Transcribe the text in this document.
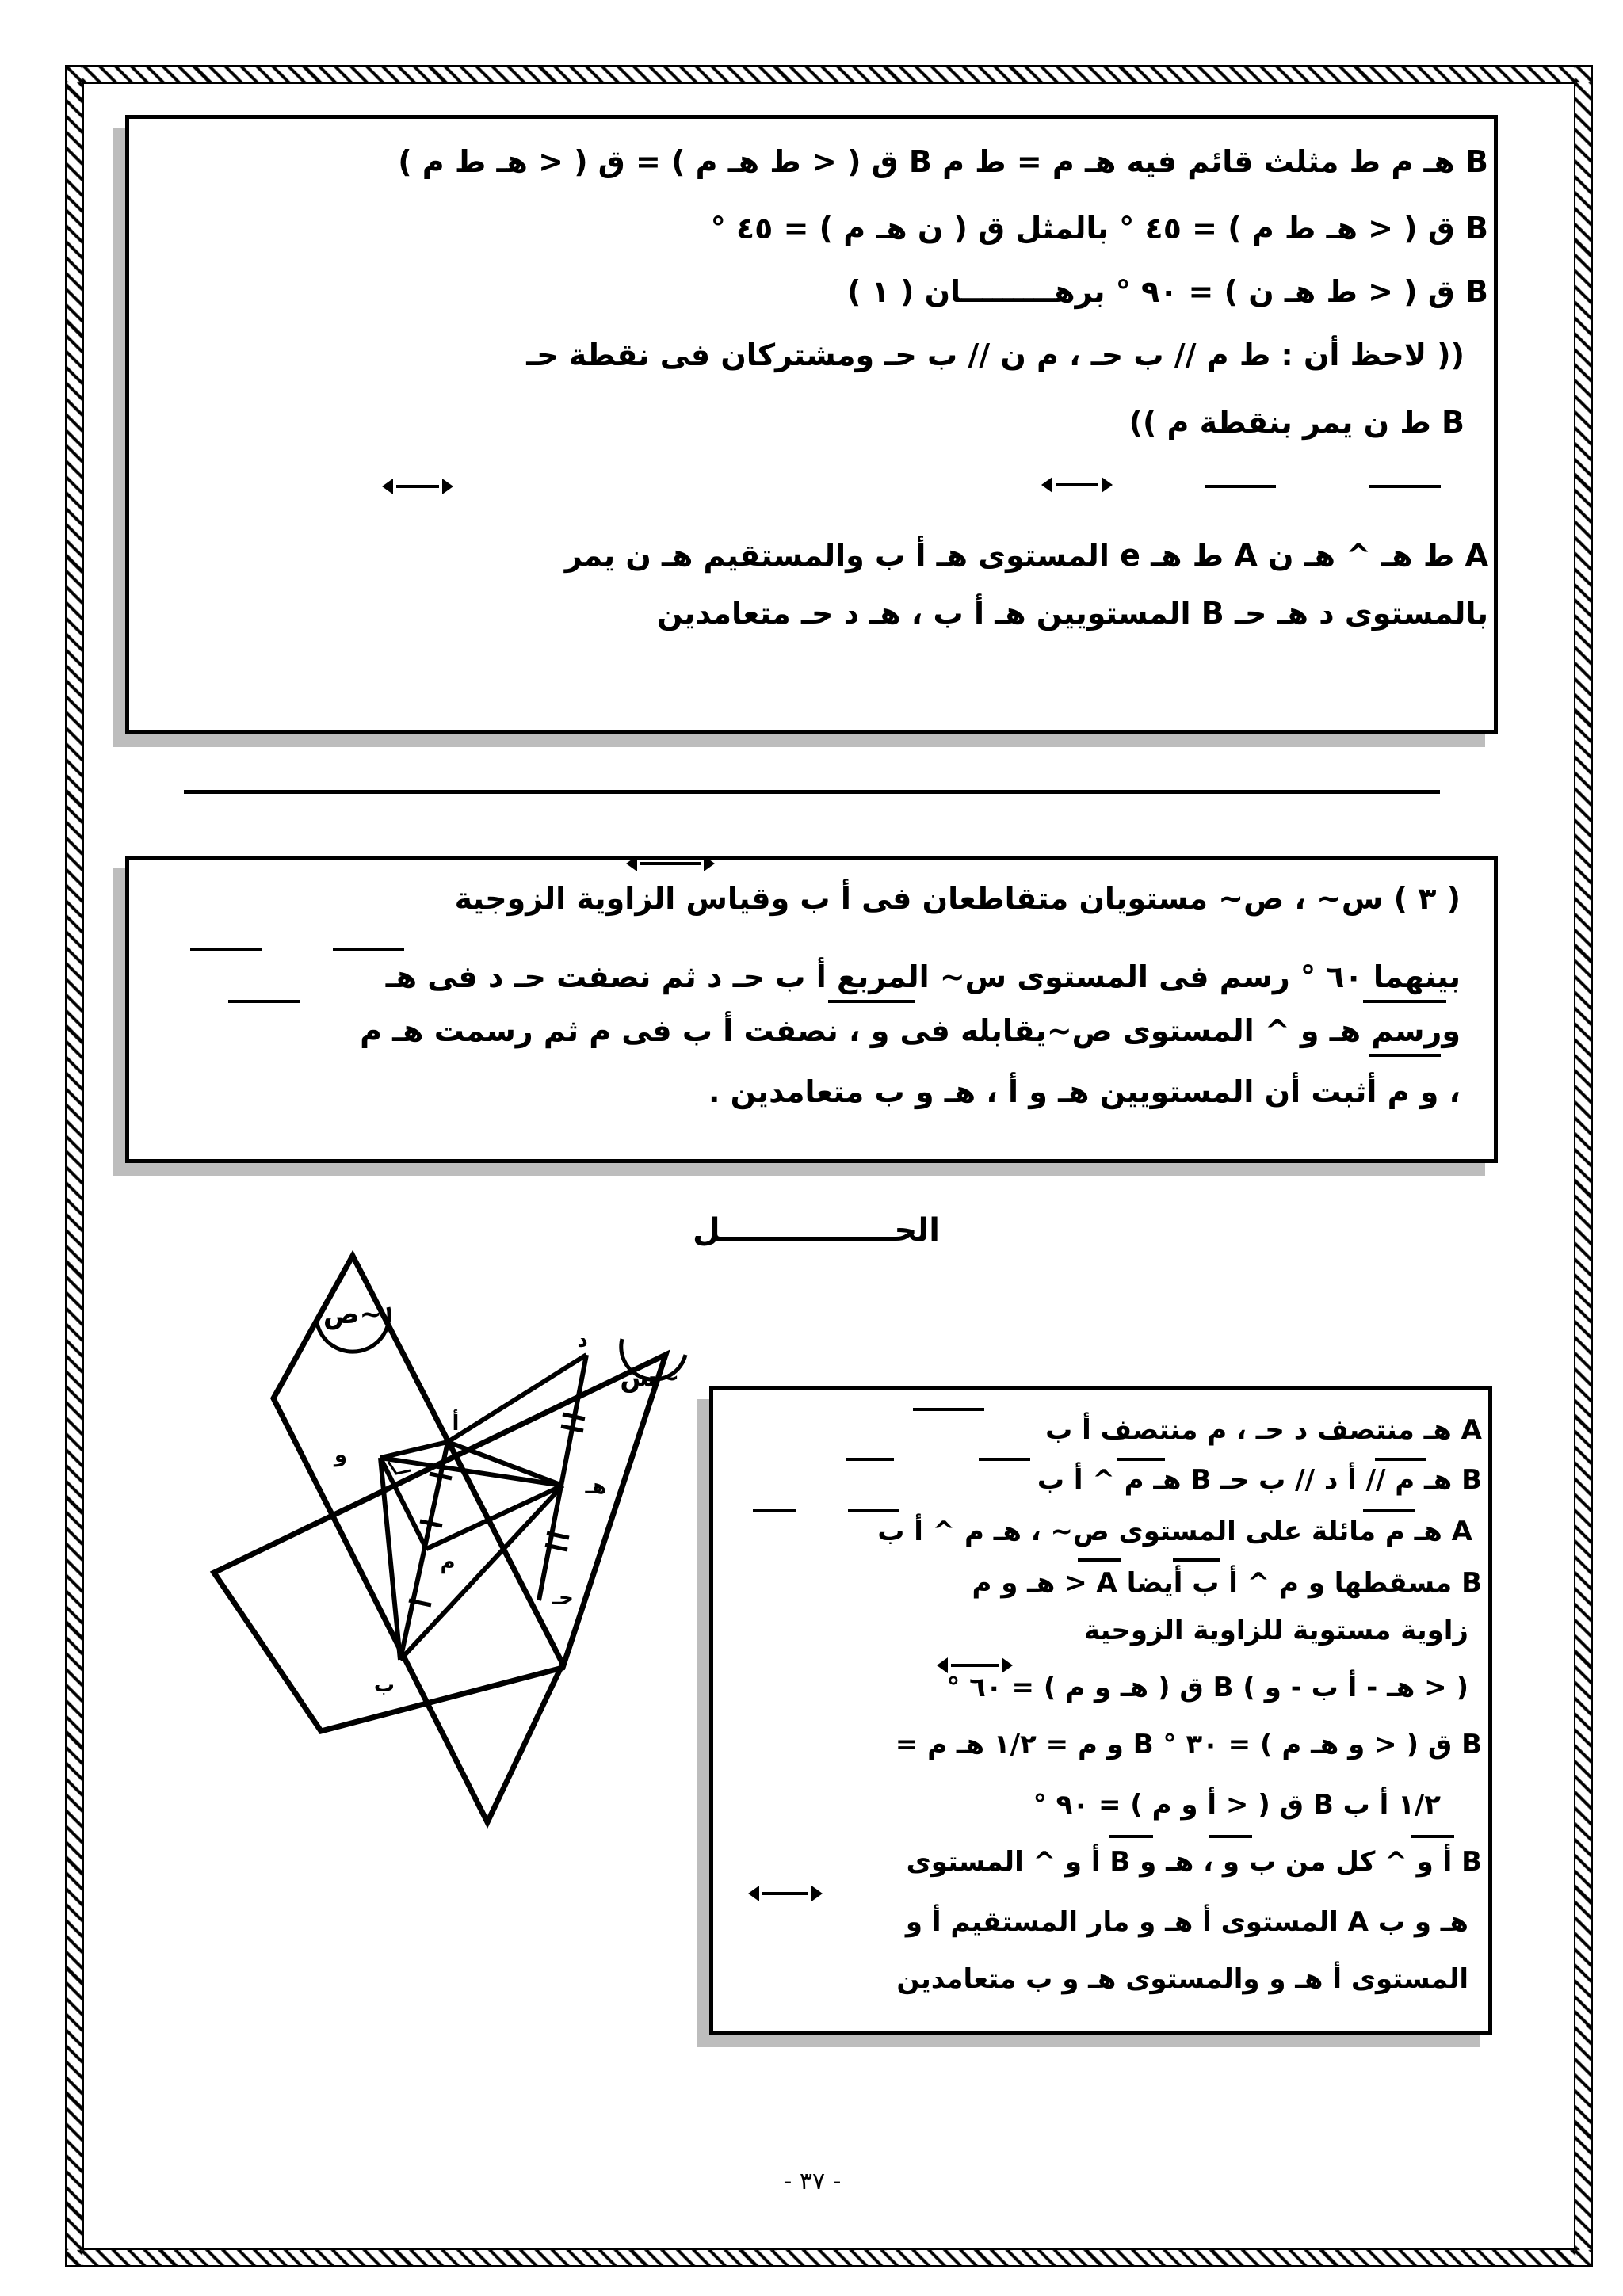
B هـ م ط مثلث قائم فيه هـ م = ط م B ق ( < ط هـ م ) = ق ( < هـ ط م )
B ق ( < هـ ط م ) = ٤٥ ° بالمثل ق ( ن هـ م ) = ٤٥ °
B ق ( < ط هـ ن ) = ٩٠ ° برهـــــــــان ( ١ )
(( لاحظ أن : ط م // ب حـ ، م ن // ب حـ ومشتركان فى نقطة حـ
B ط ن يمر بنقطة م ))
A ط هـ ^ هـ ن A ط هـ e المستوى هـ أ ب والمستقيم هـ ن يمر
بالمستوى د هـ حـ B المستويين هـ أ ب ، هـ د حـ متعامدين
( ٣ ) س~ ، ص~ مستويان متقاطعان فى أ ب وقياس الزاوية الزوجية
بينهما ٦٠ ° رسم فى المستوى س~ المربع أ ب حـ د ثم نصفت حـ د فى هـ
ورسم هـ و ^ المستوى ص~يقابله فى و ، نصفت أ ب فى م ثم رسمت هـ م
، و م أثبت أن المستويين هـ و أ ، هـ و ب متعامدين .
الحــــــــــــــــل
ص~
س~
د
أ
و
هـ
م
حـ
ب
A هـ منتصف د حـ ، م منتصف أ ب
B هـ م // أ د // ب حـ B هـ م ^ أ ب
A هـ م مائلة على المستوى ص~ ، هـ م ^ أ ب
B مسقطها و م ^ أ ب أيضا A < هـ و م
زاوية مستوية للزاوية الزوحية
( < هـ - أ ب - و ) B ق ( هـ و م ) = ٦٠ °
B ق ( < و هـ م ) = ٣٠ ° B و م = ١/٢ هـ م =
١/٢ أ ب B ق ( < أ و م ) = ٩٠ °
B أ و ^ كل من ب و ، هـ و B أ و ^ المستوى
هـ و ب A المستوى أ هـ و مار المستقيم أ و
المستوى أ هـ و والمستوى هـ و ب متعامدين
- ٣٧ -
